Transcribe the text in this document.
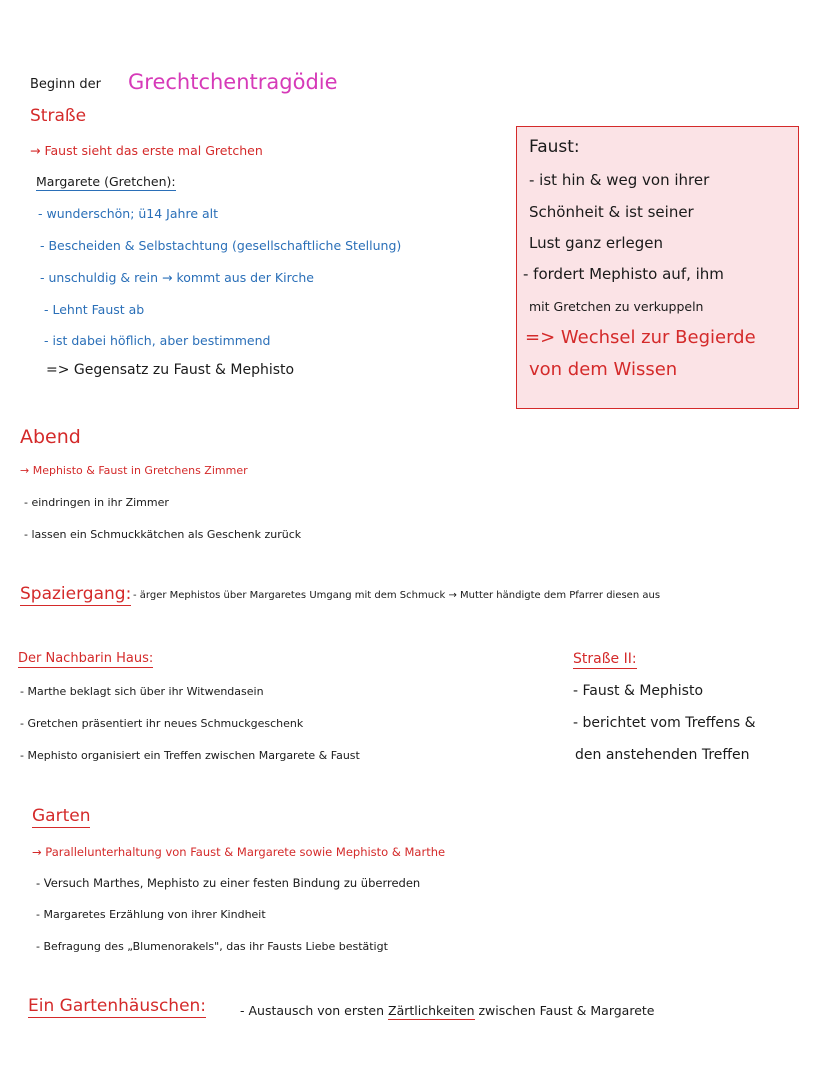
Beginn der Grechtchentragödie
Straße
→ Faust sieht das erste mal Gretchen
Margarete (Gretchen):
- wunderschön; ü14 Jahre alt
- Bescheiden & Selbstachtung (gesellschaftliche Stellung)
- unschuldig & rein → kommt aus der Kirche
- Lehnt Faust ab
- ist dabei höflich, aber bestimmend
=> Gegensatz zu Faust & Mephisto
Faust:
- ist hin & weg von ihrer
Schönheit & ist seiner
Lust ganz erlegen
- fordert Mephisto auf, ihm
mit Gretchen zu verkuppeln
=> Wechsel zur Begierde
von dem Wissen
Abend
→ Mephisto & Faust in Gretchens Zimmer
- eindringen in ihr Zimmer
- lassen ein Schmuckkätchen als Geschenk zurück
Spaziergang: - ärger Mephistos über Margaretes Umgang mit dem Schmuck → Mutter händigte dem Pfarrer diesen aus
Der Nachbarin Haus:
- Marthe beklagt sich über ihr Witwendasein
- Gretchen präsentiert ihr neues Schmuckgeschenk
- Mephisto organisiert ein Treffen zwischen Margarete & Faust
Straße II:
- Faust & Mephisto
- berichtet vom Treffens &
den anstehenden Treffen
Garten
→ Parallelunterhaltung von Faust & Margarete sowie Mephisto & Marthe
- Versuch Marthes, Mephisto zu einer festen Bindung zu überreden
- Margaretes Erzählung von ihrer Kindheit
- Befragung des „Blumenorakels", das ihr Fausts Liebe bestätigt
Ein Gartenhäuschen:	- Austausch von ersten Zärtlichkeiten zwischen Faust & Margarete
